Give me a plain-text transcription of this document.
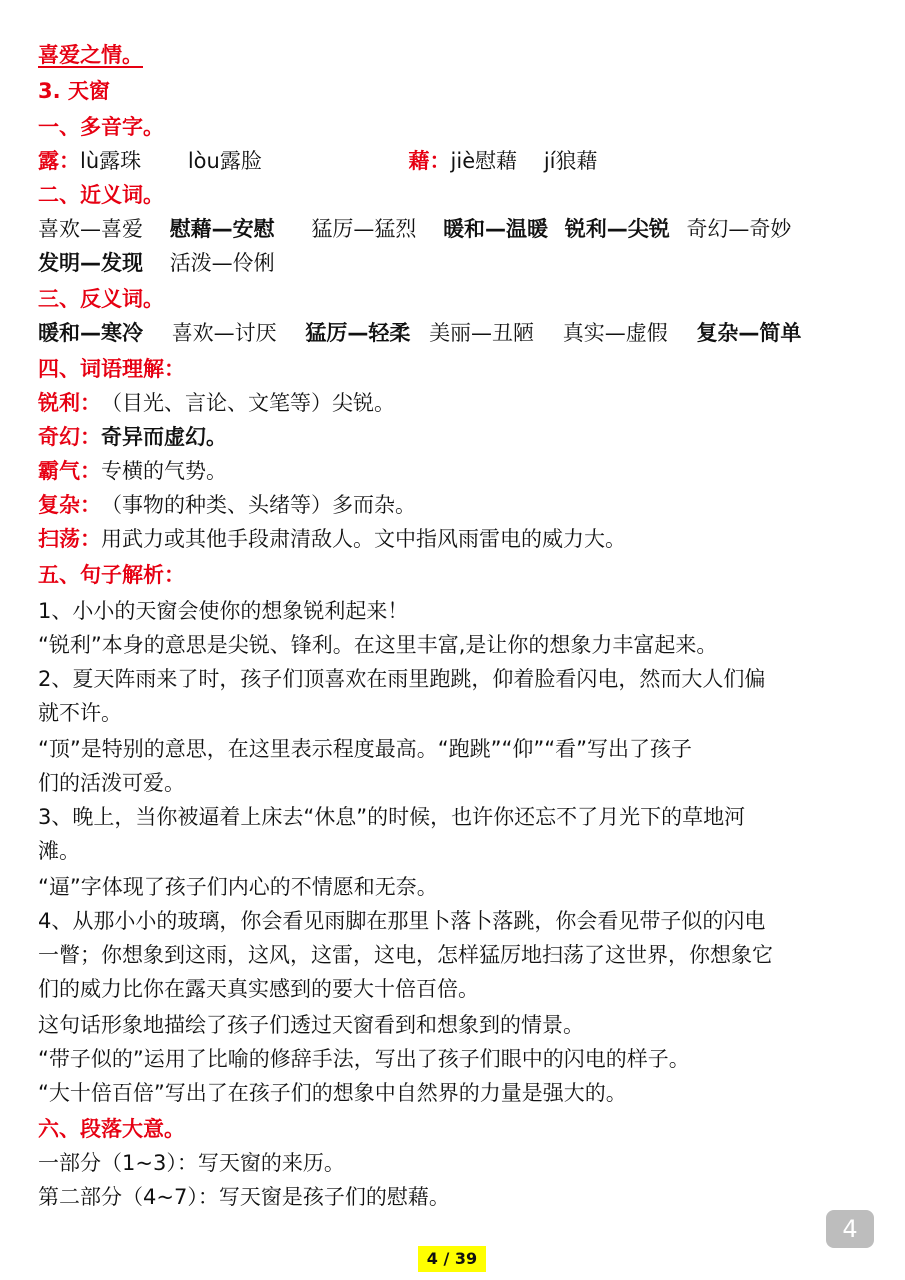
喜爱之情。
3. 天窗
一、多音字。
露：lù露珠 lòu露脸	藉：jiè慰藉 jí狼藉
二、近义词。
喜欢—喜爱 慰藉—安慰 猛厉—猛烈 暖和—温暖 锐利—尖锐 奇幻—奇妙
发明—发现 活泼—伶俐
三、反义词。
暖和—寒冷 喜欢—讨厌 猛厉—轻柔 美丽—丑陋 真实—虚假 复杂—简单
四、词语理解：
锐利：（目光、言论、文笔等）尖锐。
奇幻：奇异而虚幻。
霸气：专横的气势。
复杂：（事物的种类、头绪等）多而杂。
扫荡：用武力或其他手段肃清敌人。文中指风雨雷电的威力大。
五、句子解析：
1、小小的天窗会使你的想象锐利起来！
“锐利”本身的意思是尖锐、锋利。在这里丰富,是让你的想象力丰富起来。
2、夏天阵雨来了时，孩子们顶喜欢在雨里跑跳，仰着脸看闪电，然而大人们偏
就不许。
“顶”是特别的意思，在这里表示程度最高。“跑跳”“仰”“看”写出了孩子
们的活泼可爱。
3、晚上，当你被逼着上床去“休息”的时候，也许你还忘不了月光下的草地河
滩。
“逼”字体现了孩子们内心的不情愿和无奈。
4、从那小小的玻璃，你会看见雨脚在那里卜落卜落跳，你会看见带子似的闪电
一瞥；你想象到这雨，这风，这雷，这电，怎样猛厉地扫荡了这世界，你想象它
们的威力比你在露天真实感到的要大十倍百倍。
这句话形象地描绘了孩子们透过天窗看到和想象到的情景。
“带子似的”运用了比喻的修辞手法，写出了孩子们眼中的闪电的样子。
“大十倍百倍”写出了在孩子们的想象中自然界的力量是强大的。
六、段落大意。
一部分（1~3）：写天窗的来历。
第二部分（4~7）：写天窗是孩子们的慰藉。
4
4 / 39
